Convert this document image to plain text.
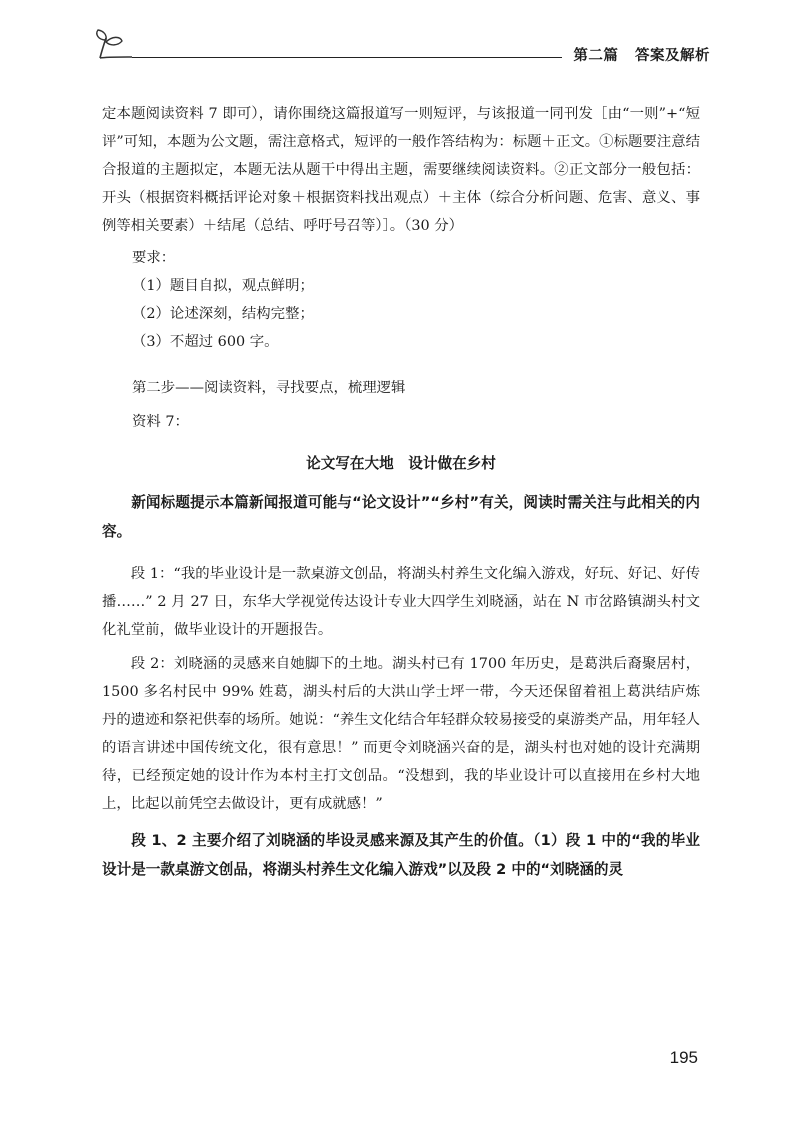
第二篇   答案及解析

定本题阅读资料 7 即可），请你围绕这篇报道写一则短评，与该报道一同刊发［由“一则”+“短评”可知，本题为公文题，需注意格式，短评的一般作答结构为：标题＋正文。①标题要注意结合报道的主题拟定，本题无法从题干中得出主题，需要继续阅读资料。②正文部分一般包括：开头（根据资料概括评论对象＋根据资料找出观点）＋主体（综合分析问题、危害、意义、事例等相关要素）＋结尾（总结、呼吁号召等）］。（30 分）

要求：

（1）题目自拟，观点鲜明；

（2）论述深刻，结构完整；

（3）不超过 600 字。

第二步——阅读资料，寻找要点，梳理逻辑

资料 7：

论文写在大地　设计做在乡村

新闻标题提示本篇新闻报道可能与“论文设计”“乡村”有关，阅读时需关注与此相关的内容。

段 1：“我的毕业设计是一款桌游文创品，将湖头村养生文化编入游戏，好玩、好记、好传播……” 2 月 27 日，东华大学视觉传达设计专业大四学生刘晓涵，站在 N 市岔路镇湖头村文化礼堂前，做毕业设计的开题报告。

段 2：刘晓涵的灵感来自她脚下的土地。湖头村已有 1700 年历史，是葛洪后裔聚居村，1500 多名村民中 99% 姓葛，湖头村后的大洪山学士坪一带，今天还保留着祖上葛洪结庐炼丹的遗迹和祭祀供奉的场所。她说：“养生文化结合年轻群众较易接受的桌游类产品，用年轻人的语言讲述中国传统文化，很有意思！” 而更令刘晓涵兴奋的是，湖头村也对她的设计充满期待，已经预定她的设计作为本村主打文创品。“没想到，我的毕业设计可以直接用在乡村大地上，比起以前凭空去做设计，更有成就感！”

段 1、2 主要介绍了刘晓涵的毕设灵感来源及其产生的价值。（1）段 1 中的“我的毕业设计是一款桌游文创品，将湖头村养生文化编入游戏”以及段 2 中的“刘晓涵的灵

195
